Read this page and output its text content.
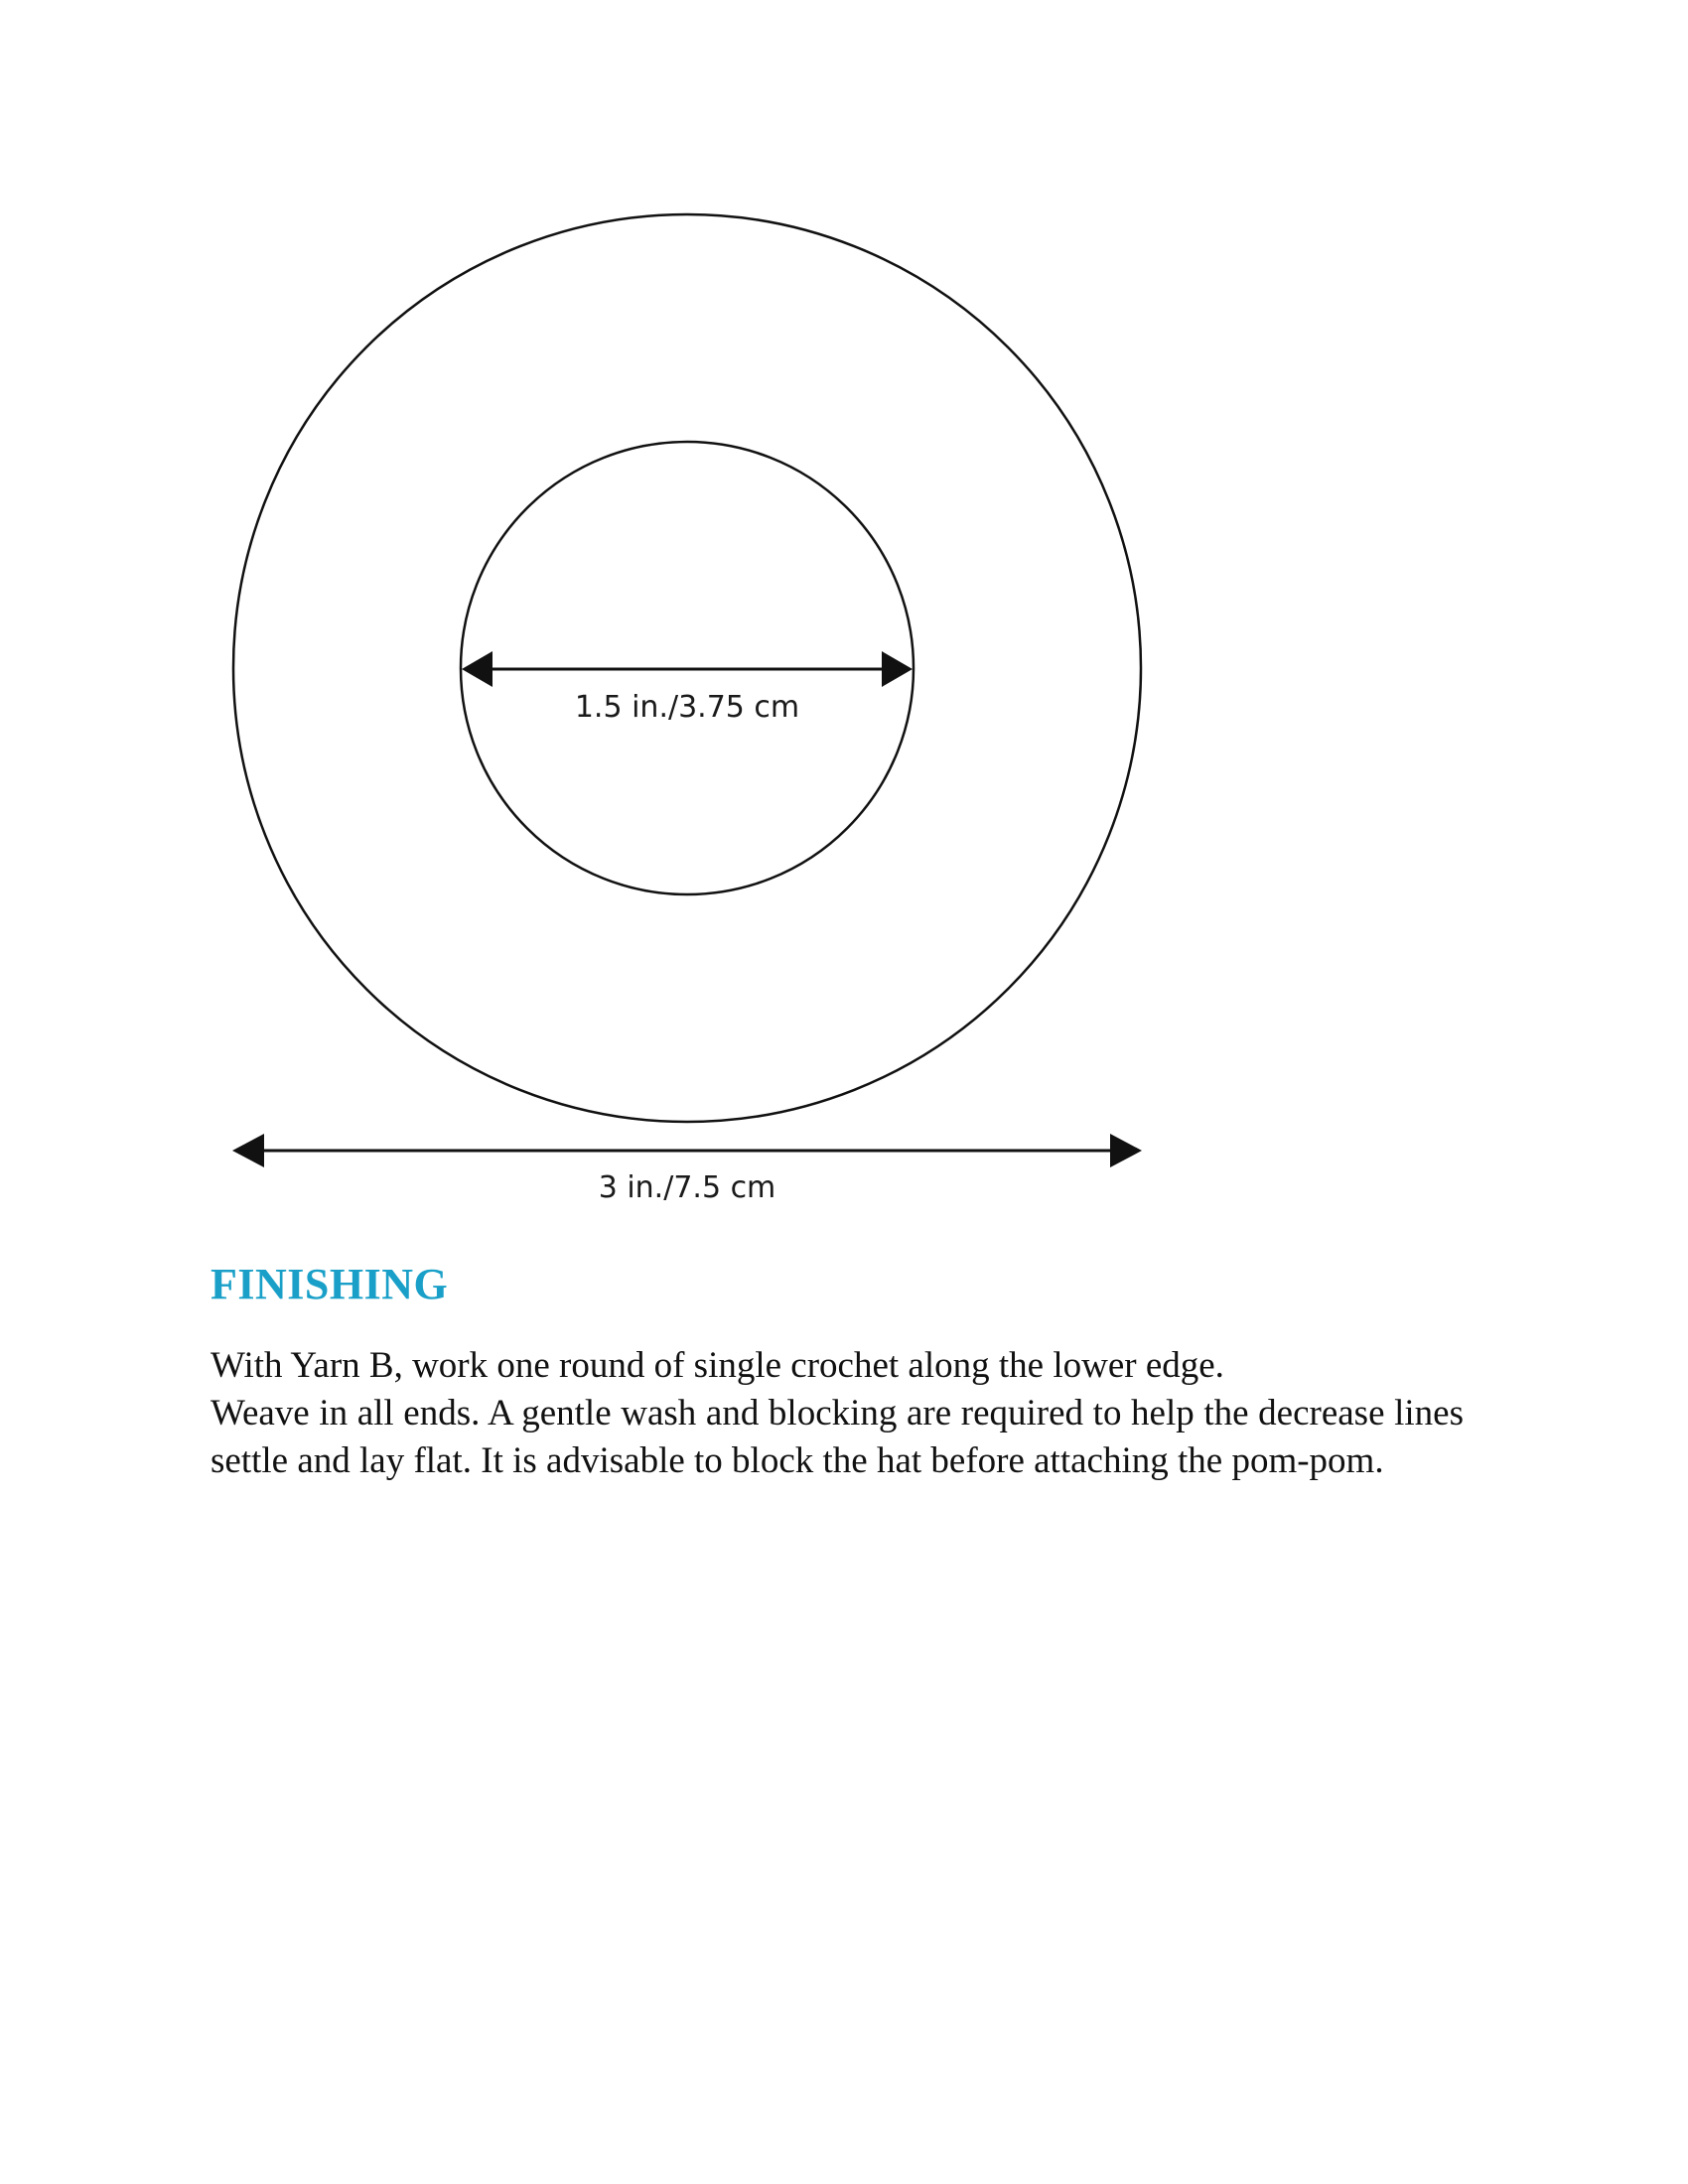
1.5 in./3.75 cm
3 in./7.5 cm
FINISHING

With Yarn B, work one round of single crochet along the lower edge.

Weave in all ends. A gentle wash and blocking are required to help the decrease lines settle and lay flat. It is advisable to block the hat before attaching the pom-pom.
